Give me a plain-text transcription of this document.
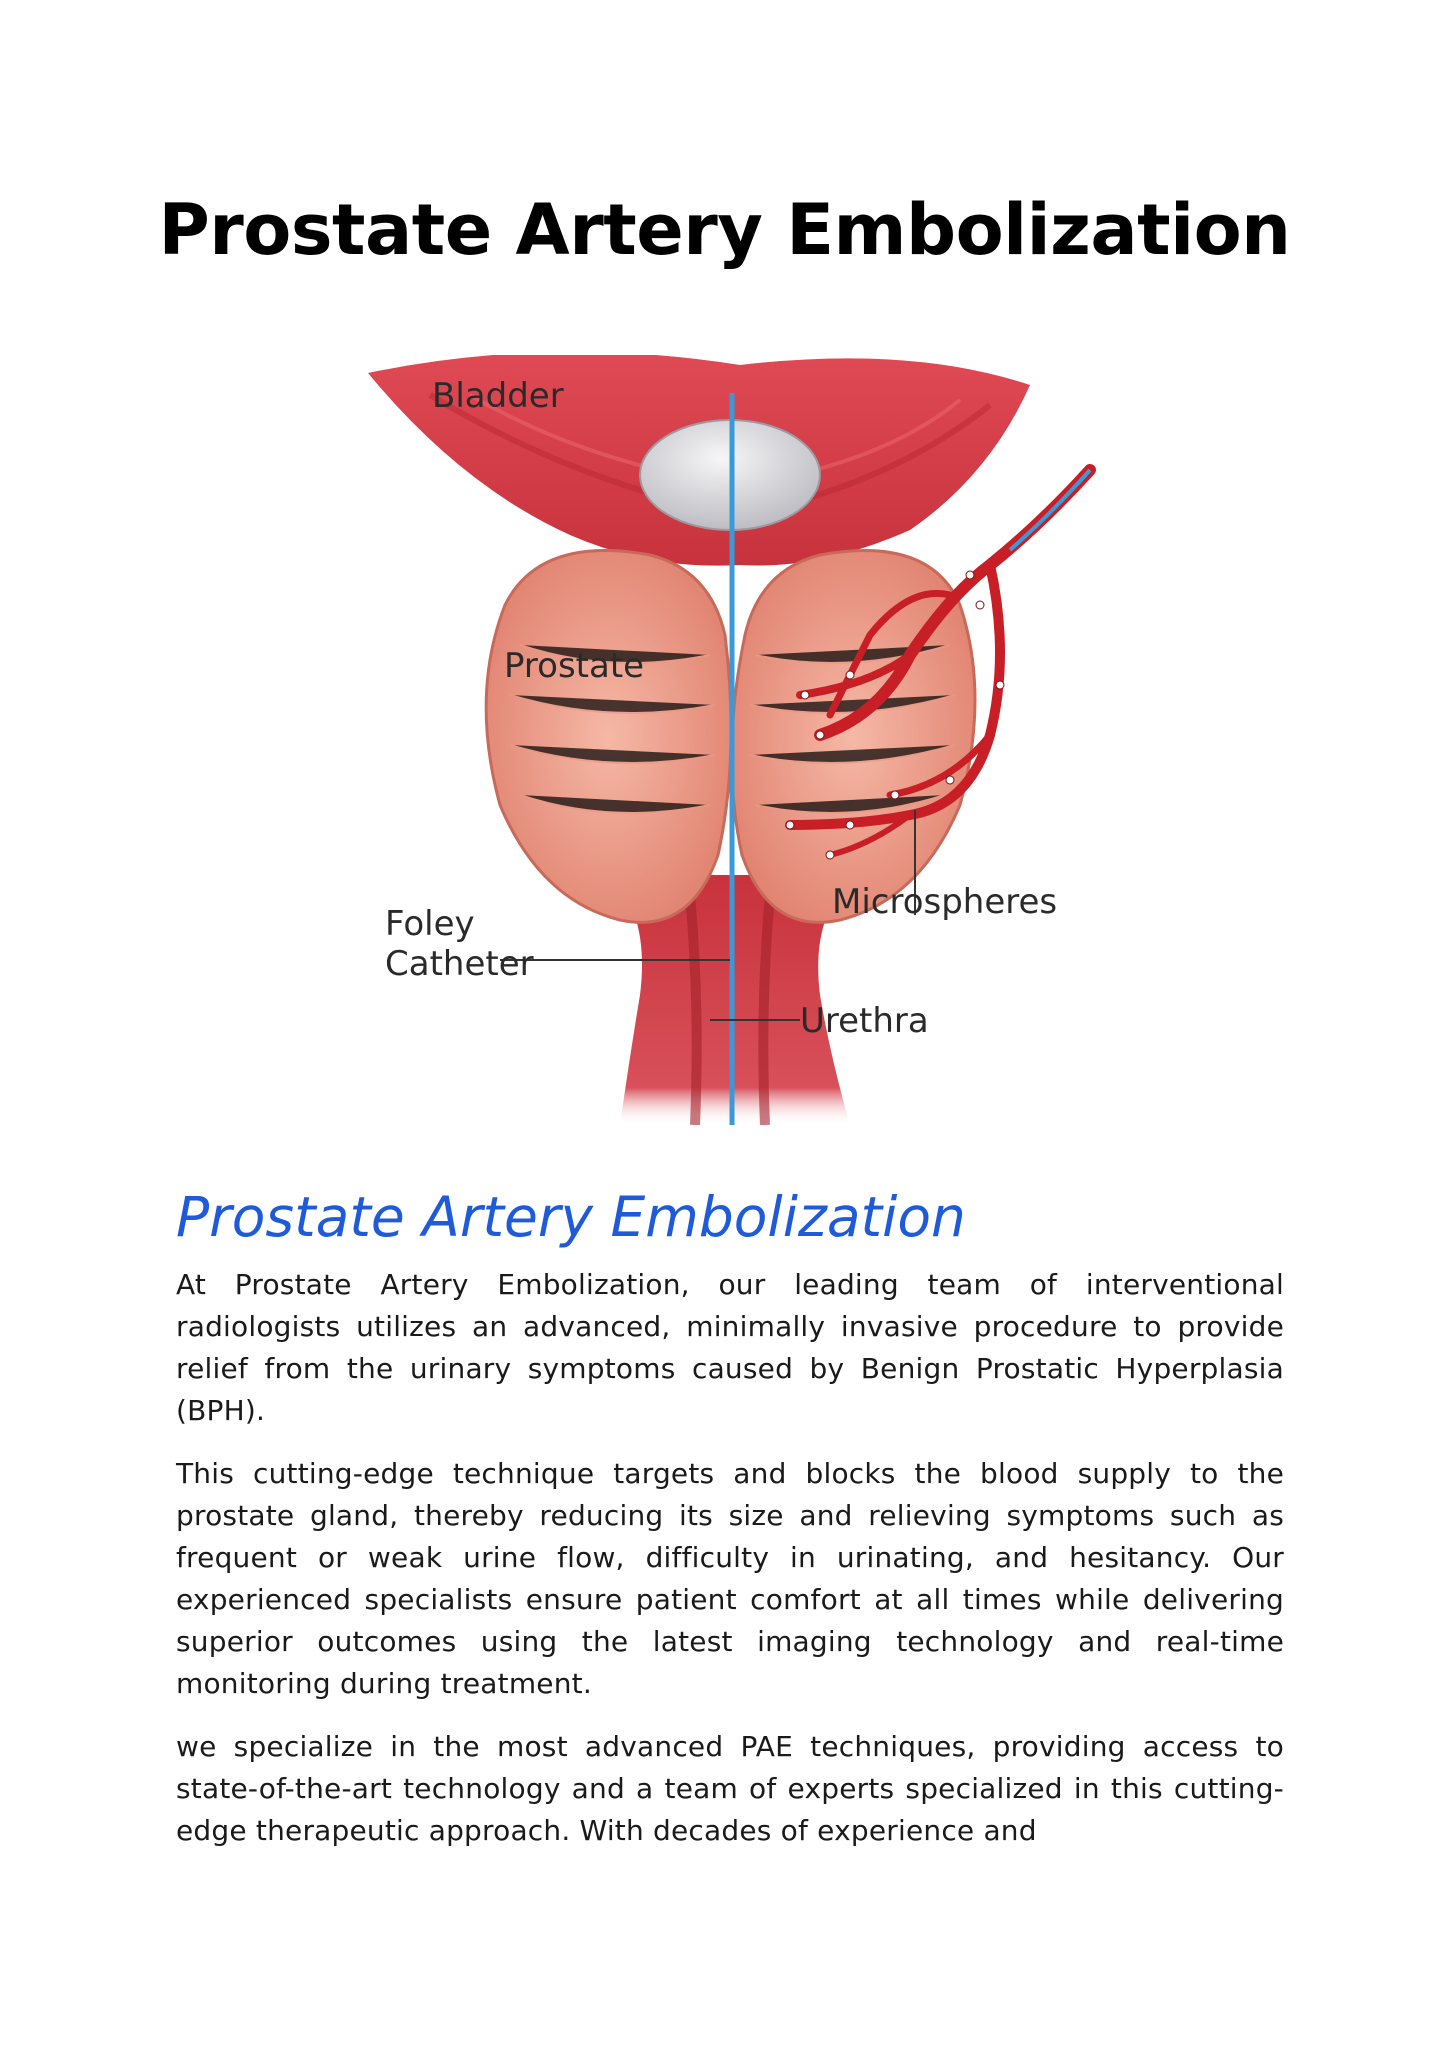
Prostate Artery Embolization
Bladder
Prostate
Microspheres
Foley
Catheter
Urethra
Prostate Artery Embolization

At Prostate Artery Embolization, our leading team of interventional radiologists utilizes an advanced, minimally invasive procedure to provide relief from the urinary symptoms caused by Benign Prostatic Hyperplasia (BPH).

This cutting-edge technique targets and blocks the blood supply to the prostate gland, thereby reducing its size and relieving symptoms such as frequent or weak urine flow, difficulty in urinating, and hesitancy. Our experienced specialists ensure patient comfort at all times while delivering superior outcomes using the latest imaging technology and real-time monitoring during treatment.

we specialize in the most advanced PAE techniques, providing access to state-of-the-art technology and a team of experts specialized in this cutting-edge therapeutic approach. With decades of experience and
